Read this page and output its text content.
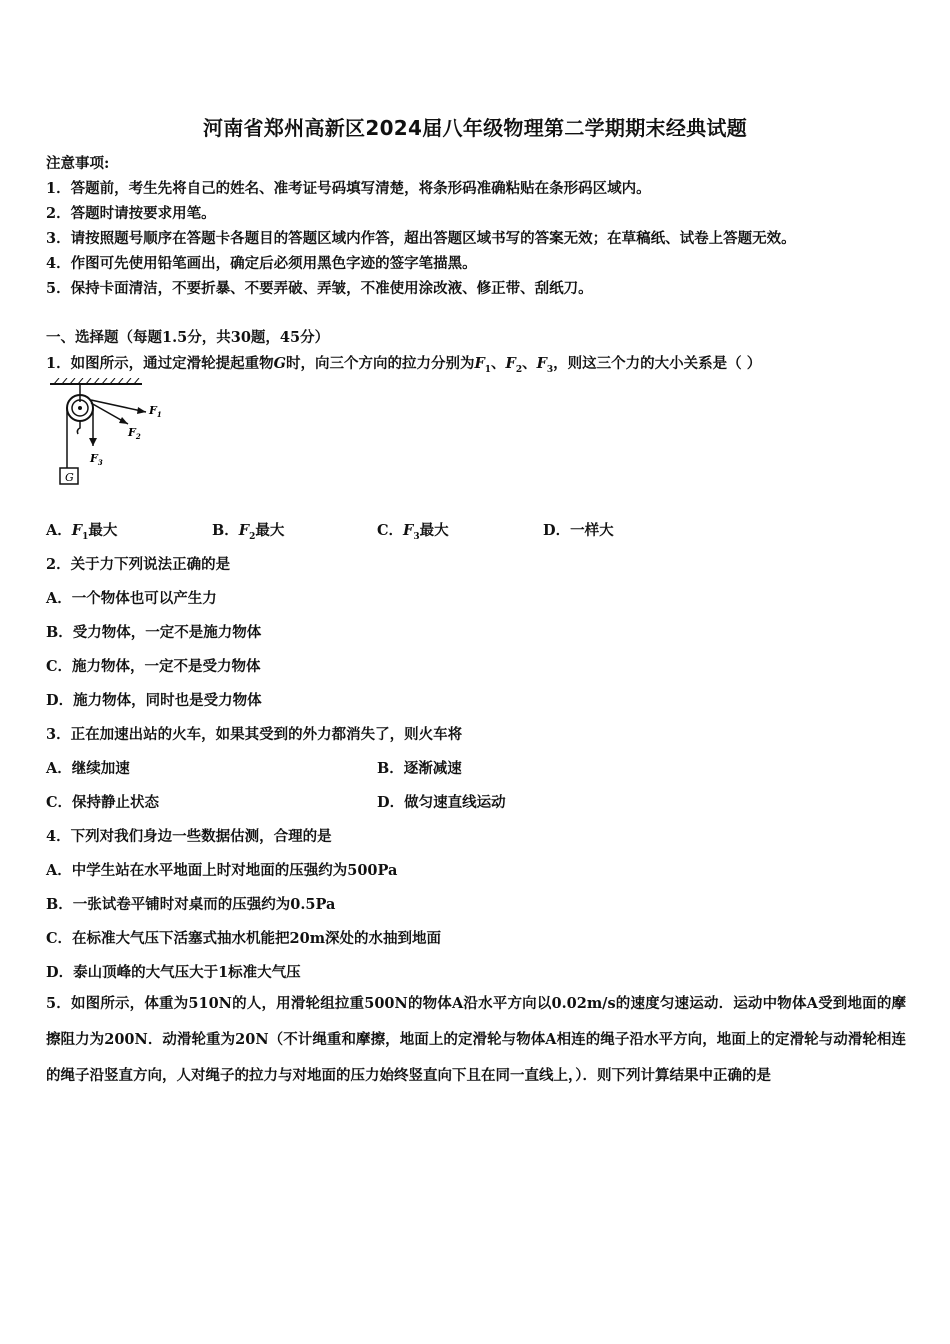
河南省郑州高新区2024届八年级物理第二学期期末经典试题
注意事项:
1．答题前，考生先将自己的姓名、准考证号码填写清楚，将条形码准确粘贴在条形码区域内。
2．答题时请按要求用笔。
3．请按照题号顺序在答题卡各题目的答题区域内作答，超出答题区域书写的答案无效；在草稿纸、试卷上答题无效。
4．作图可先使用铅笔画出，确定后必须用黑色字迹的签字笔描黑。
5．保持卡面清洁，不要折暴、不要弄破、弄皱，不准使用涂改液、修正带、刮纸刀。
一、选择题（每题1.5分，共30题，45分）
1．如图所示，通过定滑轮提起重物G时，向三个方向的拉力分别为$F_1$、$F_2$、$F_3$，则这三个力的大小关系是（ ）
G
$F_1$
$F_2$
$F_3$
A．$F_1$最大	B．$F_2$最大	C．$F_3$最大	D．一样大
2．关于力下列说法正确的是
A．一个物体也可以产生力
B．受力物体，一定不是施力物体
C．施力物体，一定不是受力物体
D．施力物体，同时也是受力物体
3．正在加速出站的火车，如果其受到的外力都消失了，则火车将
A．继续加速	B．逐渐减速
C．保持静止状态	D．做匀速直线运动
4．下列对我们身边一些数据估测，合理的是
A．中学生站在水平地面上时对地面的压强约为500Pa
B．一张试卷平铺时对桌而的压强约为0.5Pa
C．在标准大气压下活塞式抽水机能把20m深处的水抽到地面
D．泰山顶峰的大气压大于1标准大气压
5．如图所示，体重为510N的人，用滑轮组拉重500N的物体A沿水平方向以0.02m/s的速度匀速运动．运动中物体A受到地面的摩擦阻力为200N．动滑轮重为20N（不计绳重和摩擦，地面上的定滑轮与物体A相连的绳子沿水平方向，地面上的定滑轮与动滑轮相连的绳子沿竖直方向，人对绳子的拉力与对地面的压力始终竖直向下且在同一直线上，）．则下列计算结果中正确的是
